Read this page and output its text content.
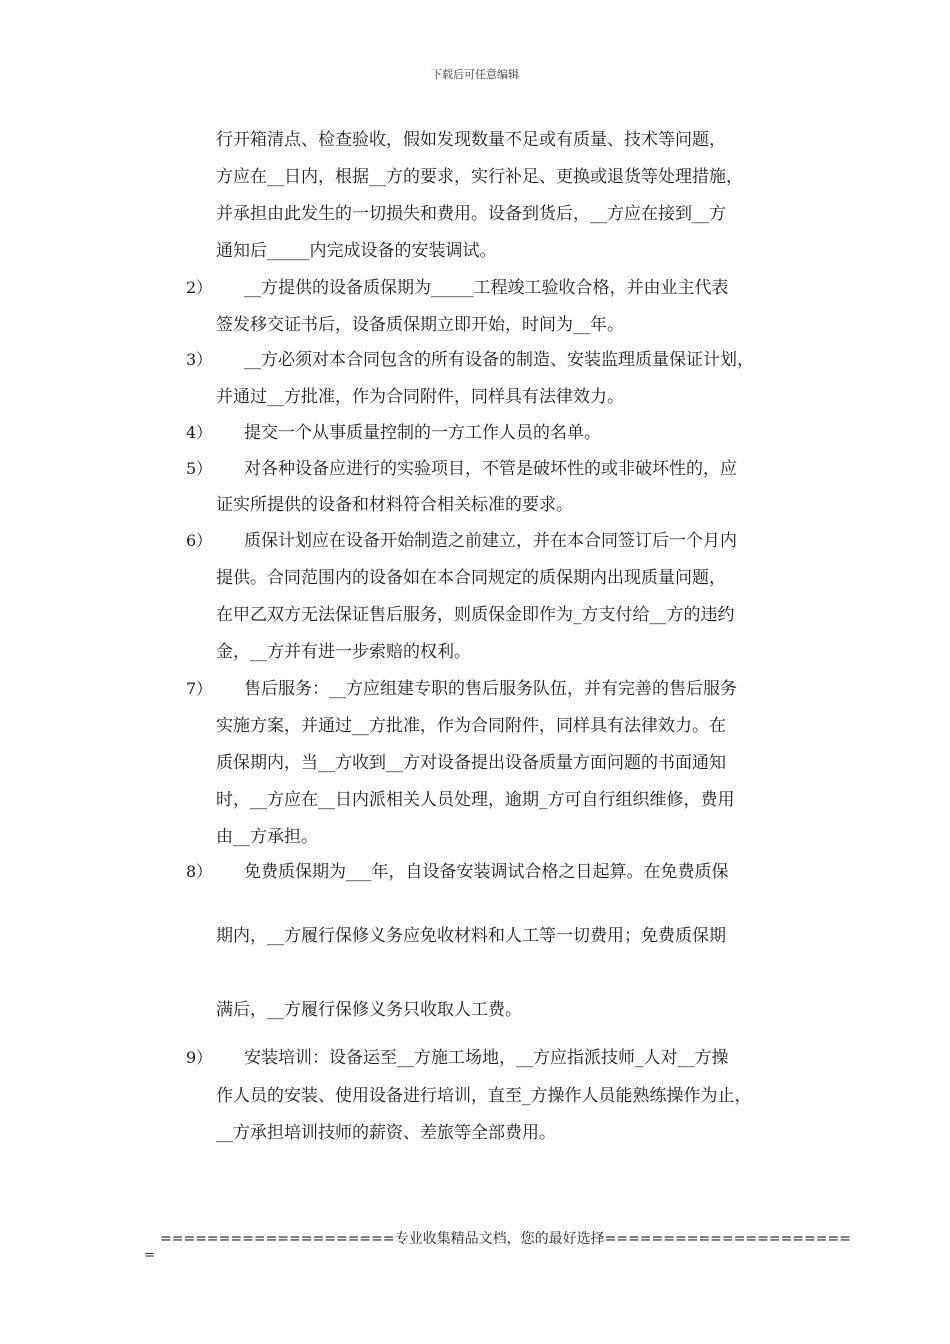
下载后可任意编辑
行开箱清点、检查验收，假如发现数量不足或有质量、技术等问题，
方应在__日内，根据__方的要求，实行补足、更换或退货等处理措施，
并承担由此发生的一切损失和费用。设备到货后，__方应在接到__方
通知后_____内完成设备的安装调试。
2） __方提供的设备质保期为_____工程竣工验收合格，并由业主代表
签发移交证书后，设备质保期立即开始，时间为__年。
3） __方必须对本合同包含的所有设备的制造、安装监理质量保证计划，
并通过__方批准，作为合同附件，同样具有法律效力。
4） 提交一个从事质量控制的一方工作人员的名单。
5） 对各种设备应进行的实验项目，不管是破坏性的或非破坏性的，应
证实所提供的设备和材料符合相关标准的要求。
6） 质保计划应在设备开始制造之前建立，并在本合同签订后一个月内
提供。合同范围内的设备如在本合同规定的质保期内出现质量问题，
在甲乙双方无法保证售后服务，则质保金即作为_方支付给__方的违约
金，__方并有进一步索赔的权利。
7） 售后服务：__方应组建专职的售后服务队伍，并有完善的售后服务
实施方案，并通过__方批准，作为合同附件，同样具有法律效力。在
质保期内，当__方收到__方对设备提出设备质量方面问题的书面通知
时，__方应在__日内派相关人员处理，逾期_方可自行组织维修，费用
由__方承担。
8） 免费质保期为___年，自设备安装调试合格之日起算。在免费质保
期内，__方履行保修义务应免收材料和人工等一切费用；免费质保期
满后，__方履行保修义务只收取人工费。
9） 安装培训：设备运至__方施工场地，__方应指派技师_人对__方操
作人员的安装、使用设备进行培训，直至_方操作人员能熟练操作为止，
__方承担培训技师的薪资、差旅等全部费用。
====================专业收集精品文档，您的最好选择=====================
=
